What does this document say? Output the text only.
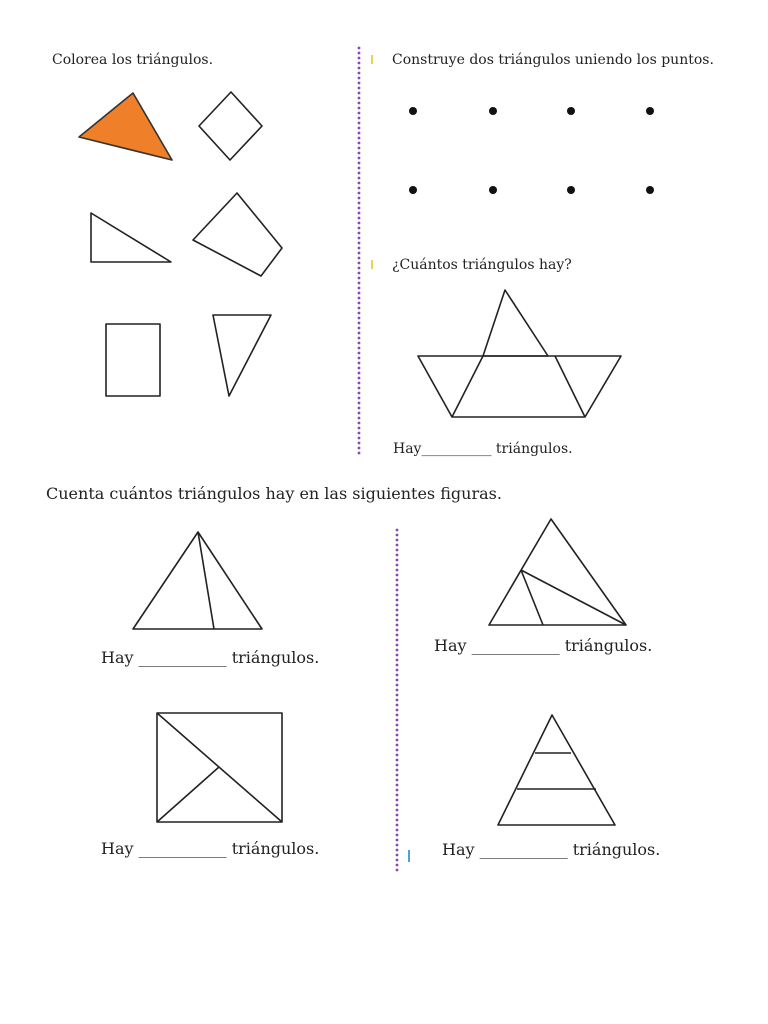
Colorea los triángulos.	Construye dos triángulos uniendo los puntos.
¿Cuántos triángulos hay?
Hay__________ triángulos.
Cuenta cuántos triángulos hay en las siguientes figuras.
Hay ___________ triángulos.
Hay ___________ triángulos.
Hay ___________ triángulos.	Hay ___________ triángulos.
